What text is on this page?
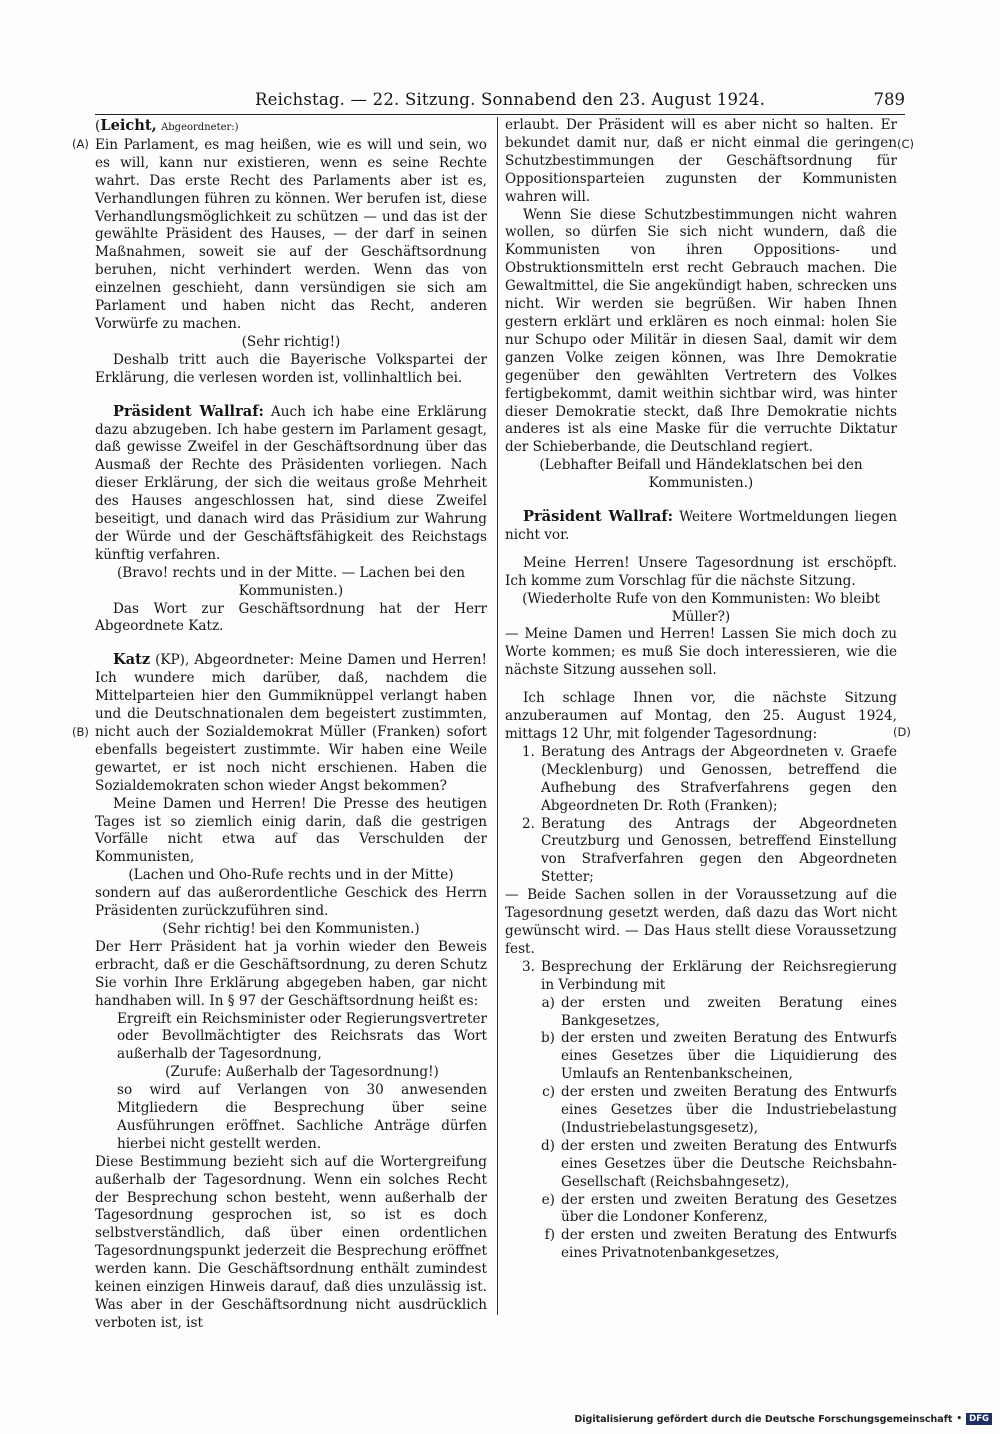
Reichstag. — 22. Sitzung. Sonnabend den 23. August 1924.	789
(A)
(B)
(C)
(D)

(Leicht, Abgeordneter:)

Ein Parlament, es mag heißen, wie es will und sein, wo es will, kann nur existieren, wenn es seine Rechte wahrt. Das erste Recht des Parlaments aber ist es, Verhandlungen führen zu können. Wer berufen ist, diese Verhandlungsmöglichkeit zu schützen — und das ist der gewählte Präsident des Hauses, — der darf in seinen Maßnahmen, soweit sie auf der Geschäftsordnung beruhen, nicht verhindert werden. Wenn das von einzelnen geschieht, dann versündigen sie sich am Parlament und haben nicht das Recht, anderen Vorwürfe zu machen.

(Sehr richtig!)

Deshalb tritt auch die Bayerische Volkspartei der Erklärung, die verlesen worden ist, vollinhaltlich bei.

Präsident Wallraf: Auch ich habe eine Erklärung dazu abzugeben. Ich habe gestern im Parlament gesagt, daß gewisse Zweifel in der Geschäftsordnung über das Ausmaß der Rechte des Präsidenten vorliegen. Nach dieser Erklärung, der sich die weitaus große Mehrheit des Hauses angeschlossen hat, sind diese Zweifel beseitigt, und danach wird das Präsidium zur Wahrung der Würde und der Geschäftsfähigkeit des Reichstags künftig verfahren.

(Bravo! rechts und in der Mitte. — Lachen bei den Kommunisten.)

Das Wort zur Geschäftsordnung hat der Herr Abgeordnete Katz.

Katz (KP), Abgeordneter: Meine Damen und Herren! Ich wundere mich darüber, daß, nachdem die Mittelparteien hier den Gummiknüppel verlangt haben und die Deutschnationalen dem begeistert zustimmten, nicht auch der Sozialdemokrat Müller (Franken) sofort ebenfalls begeistert zustimmte. Wir haben eine Weile gewartet, er ist noch nicht erschienen. Haben die Sozialdemokraten schon wieder Angst bekommen?

Meine Damen und Herren! Die Presse des heutigen Tages ist so ziemlich einig darin, daß die gestrigen Vorfälle nicht etwa auf das Verschulden der Kommunisten,

(Lachen und Oho-Rufe rechts und in der Mitte)

sondern auf das außerordentliche Geschick des Herrn Präsidenten zurückzuführen sind.

(Sehr richtig! bei den Kommunisten.)

Der Herr Präsident hat ja vorhin wieder den Beweis erbracht, daß er die Geschäftsordnung, zu deren Schutz Sie vorhin Ihre Erklärung abgegeben haben, gar nicht handhaben will. In § 97 der Geschäftsordnung heißt es:

Ergreift ein Reichsminister oder Regierungsvertreter oder Bevollmächtigter des Reichsrats das Wort außerhalb der Tagesordnung,

(Zurufe: Außerhalb der Tagesordnung!)

so wird auf Verlangen von 30 anwesenden Mitgliedern die Besprechung über seine Ausführungen eröffnet. Sachliche Anträge dürfen hierbei nicht gestellt werden.

Diese Bestimmung bezieht sich auf die Wortergreifung außerhalb der Tagesordnung. Wenn ein solches Recht der Besprechung schon besteht, wenn außerhalb der Tagesordnung gesprochen ist, so ist es doch selbstverständlich, daß über einen ordentlichen Tagesordnungspunkt jederzeit die Besprechung eröffnet werden kann. Die Geschäftsordnung enthält zumindest keinen einzigen Hinweis darauf, daß dies unzulässig ist. Was aber in der Geschäftsordnung nicht ausdrücklich verboten ist, ist

erlaubt. Der Präsident will es aber nicht so halten. Er bekundet damit nur, daß er nicht einmal die geringen Schutzbestimmungen der Geschäftsordnung für Oppositionsparteien zugunsten der Kommunisten wahren will.

Wenn Sie diese Schutzbestimmungen nicht wahren wollen, so dürfen Sie sich nicht wundern, daß die Kommunisten von ihren Oppositions- und Obstruktionsmitteln erst recht Gebrauch machen. Die Gewaltmittel, die Sie angekündigt haben, schrecken uns nicht. Wir werden sie begrüßen. Wir haben Ihnen gestern erklärt und erklären es noch einmal: holen Sie nur Schupo oder Militär in diesen Saal, damit wir dem ganzen Volke zeigen können, was Ihre Demokratie gegenüber den gewählten Vertretern des Volkes fertigbekommt, damit weithin sichtbar wird, was hinter dieser Demokratie steckt, daß Ihre Demokratie nichts anderes ist als eine Maske für die verruchte Diktatur der Schieberbande, die Deutschland regiert.

(Lebhafter Beifall und Händeklatschen bei den Kommunisten.)

Präsident Wallraf: Weitere Wortmeldungen liegen nicht vor.

Meine Herren! Unsere Tagesordnung ist erschöpft. Ich komme zum Vorschlag für die nächste Sitzung.

(Wiederholte Rufe von den Kommunisten: Wo bleibt Müller?)

— Meine Damen und Herren! Lassen Sie mich doch zu Worte kommen; es muß Sie doch interessieren, wie die nächste Sitzung aussehen soll.

Ich schlage Ihnen vor, die nächste Sitzung anzuberaumen auf Montag, den 25. August 1924, mittags 12 Uhr, mit folgender Tagesordnung:

1. Beratung des Antrags der Abgeordneten v. Graefe (Mecklenburg) und Genossen, betreffend die Aufhebung des Strafverfahrens gegen den Abgeordneten Dr. Roth (Franken);
2. Beratung des Antrags der Abgeordneten Creutzburg und Genossen, betreffend Einstellung von Strafverfahren gegen den Abgeordneten Stetter;

— Beide Sachen sollen in der Voraussetzung auf die Tagesordnung gesetzt werden, daß dazu das Wort nicht gewünscht wird. — Das Haus stellt diese Voraussetzung fest.

3. Besprechung der Erklärung der Reichsregierung in Verbindung mit
a) der ersten und zweiten Beratung eines Bankgesetzes,
b) der ersten und zweiten Beratung des Entwurfs eines Gesetzes über die Liquidierung des Umlaufs an Rentenbankscheinen,
c) der ersten und zweiten Beratung des Entwurfs eines Gesetzes über die Industriebelastung (Industriebelastungsgesetz),
d) der ersten und zweiten Beratung des Entwurfs eines Gesetzes über die Deutsche Reichsbahn-Gesellschaft (Reichsbahngesetz),
e) der ersten und zweiten Beratung des Gesetzes über die Londoner Konferenz,
f) der ersten und zweiten Beratung des Entwurfs eines Privatnotenbankgesetzes,
Digitalisierung gefördert durch die Deutsche Forschungsgemeinschaft • DFG
